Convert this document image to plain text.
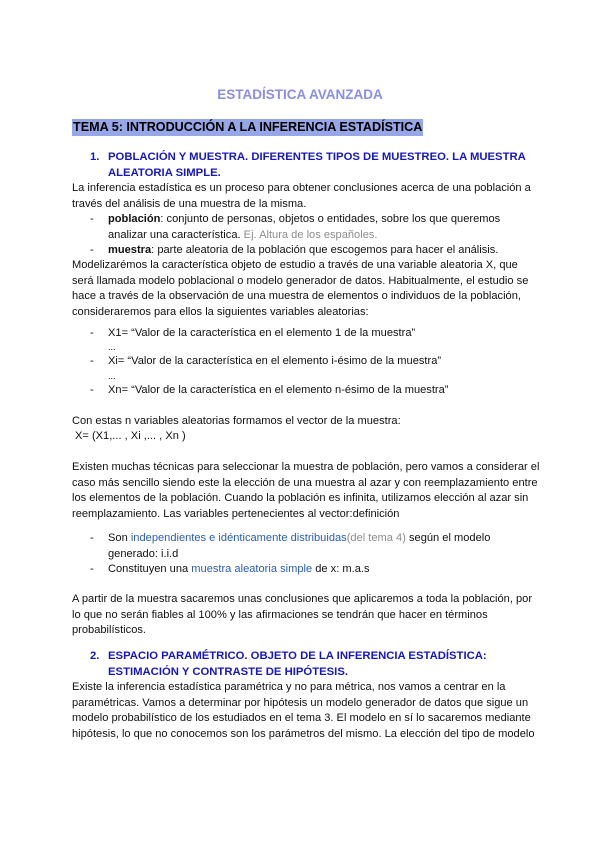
ESTADÍSTICA AVANZADA
TEMA 5: INTRODUCCIÓN A LA INFERENCIA ESTADÍSTICA
1. POBLACIÓN Y MUESTRA. DIFERENTES TIPOS DE MUESTREO. LA MUESTRA ALEATORIA SIMPLE.

La inferencia estadística es un proceso para obtener conclusiones acerca de una población a través del análisis de una muestra de la misma.

- población: conjunto de personas, objetos o entidades, sobre los que queremos analizar una característica. Ej. Altura de los españoles.
- muestra: parte aleatoria de la población que escogemos para hacer el análisis.

Modelizarémos la característica objeto de estudio a través de una variable aleatoria X, que será llamada modelo poblacional o modelo generador de datos. Habitualmente, el estudio se hace a través de la observación de una muestra de elementos o individuos de la población, consideraremos para ellos la siguientes variables aleatorias:

- X1= “Valor de la característica en el elemento 1 de la muestra”
...
- Xi= “Valor de la característica en el elemento i-ésimo de la muestra”
...
- Xn= “Valor de la característica en el elemento n-ésimo de la muestra”

Con estas n variables aleatorias formamos el vector de la muestra:

X= (X1,... , Xi ,... , Xn )

Existen muchas técnicas para seleccionar la muestra de población, pero vamos a considerar el caso más sencillo siendo este la elección de una muestra al azar y con reemplazamiento entre los elementos de la población. Cuando la población es infinita, utilizamos elección al azar sin reemplazamiento. Las variables pertenecientes al vector:definición

- Son independientes e idénticamente distribuidas(del tema 4) según el modelo generado: i.i.d
- Constituyen una muestra aleatoria simple de x: m.a.s

A partir de la muestra sacaremos unas conclusiones que aplicaremos a toda la población, por lo que no serán fiables al 100% y las afirmaciones se tendrán que hacer en términos probabilísticos.

2. ESPACIO PARAMÉTRICO. OBJETO DE LA INFERENCIA ESTADÍSTICA: ESTIMACIÓN Y CONTRASTE DE HIPÓTESIS.

Existe la inferencia estadística paramétrica y no para métrica, nos vamos a centrar en la paramétricas. Vamos a determinar por hipótesis un modelo generador de datos que sigue un modelo probabilístico de los estudiados en el tema 3. El modelo en sí lo sacaremos mediante hipótesis, lo que no conocemos son los parámetros del mismo. La elección del tipo de modelo
